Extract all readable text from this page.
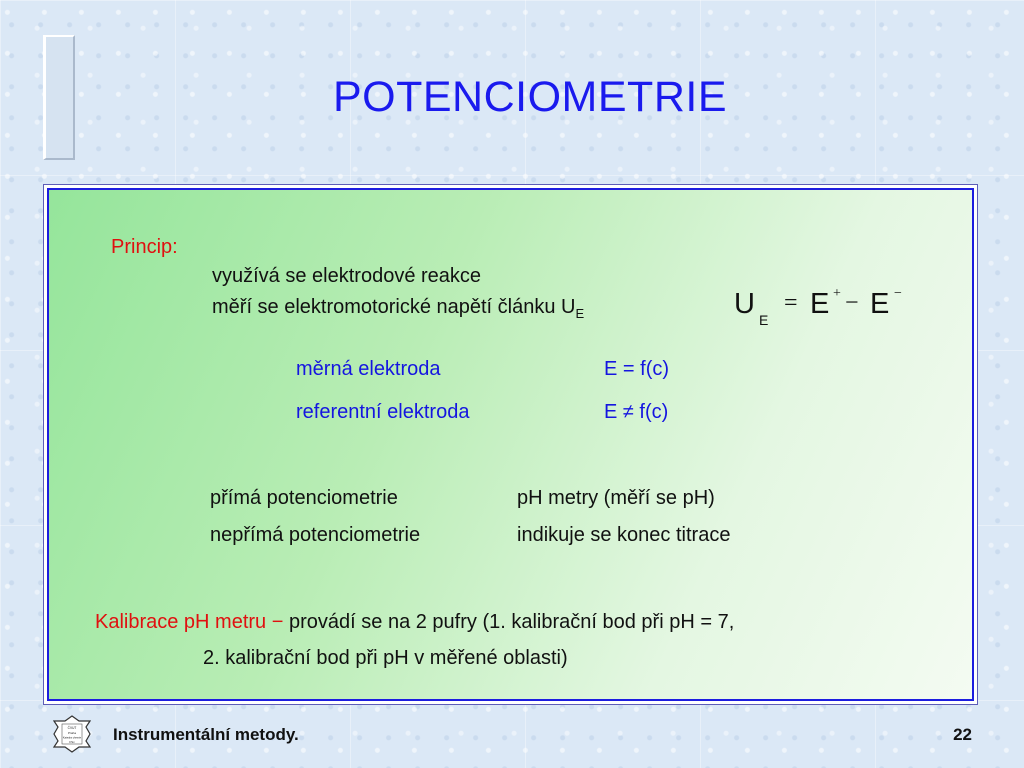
POTENCIOMETRIE
Princip:
využívá se elektrodové reakce
měří se elektromotorické napětí článku $U_E$	U E
= E + − E −
měrná elektroda	E = f(c)
referentní elektroda	E ≠ f(c)
přímá potenciometrie	pH metry (měří se pH)
nepřímá potenciometrie	indikuje se konec titrace
Kalibrace pH metru − provádí se na 2 pufry (1. kalibrační bod při pH = 7,
2. kalibrační bod při pH v měřené oblasti)
ČVUT
Praha
Katedra chemie
FSv Instrumentální metody.	22
